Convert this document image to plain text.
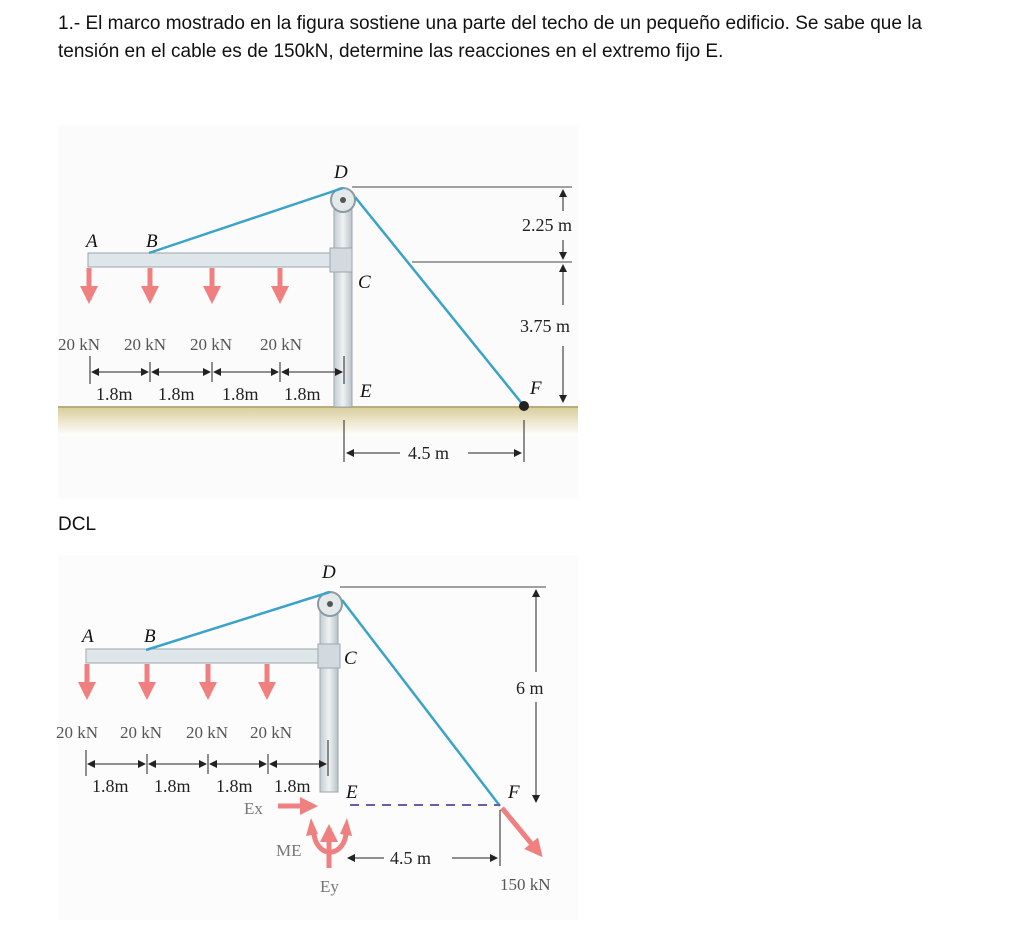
1.- El marco mostrado en la figura sostiene una parte del techo de un pequeño edificio. Se sabe que la tensión en el cable es de 150kN, determine las reacciones en el extremo fijo E.
A	B
D
C
E	F
20 kN 20 kN 20 kN 20 kN
1.8m 1.8m 1.8m 1.8m
2.25 m
3.75 m
4.5 m
A	B
D
C
E	F
20 kN 20 kN 20 kN 20 kN
1.8m 1.8m 1.8m 1.8m
6 m
4.5 m
Ex
Ey
ME
150 kN
DCL
